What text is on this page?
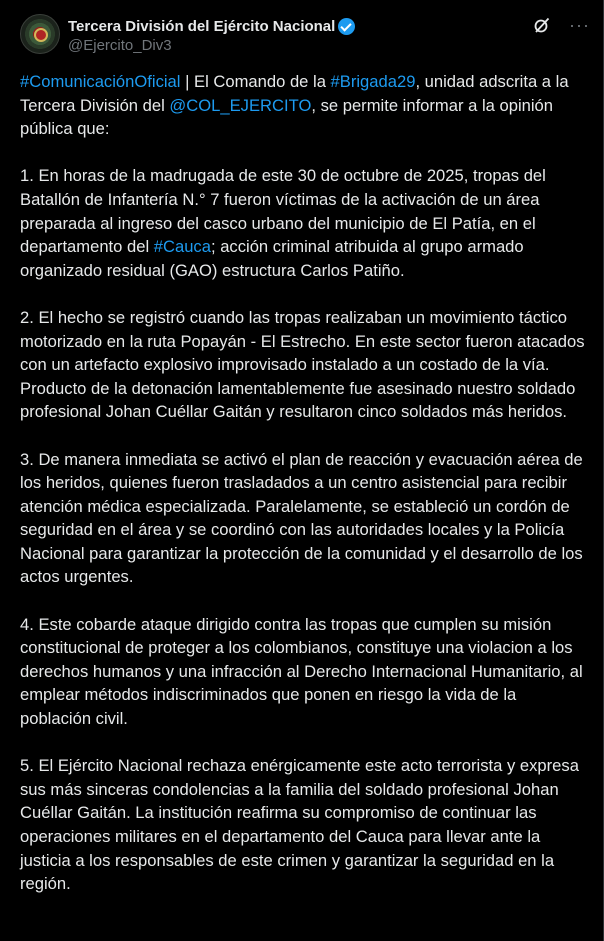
Tercera División del Ejército Nacional
@Ejercito_Div3
···

#ComunicaciónOficial | El Comando de la #Brigada29, unidad adscrita a la Tercera División del @COL_EJERCITO, se permite informar a la opinión pública que:

1. En horas de la madrugada de este 30 de octubre de 2025, tropas del Batallón de Infantería N.° 7 fueron víctimas de la activación de un área preparada al ingreso del casco urbano del municipio de El Patía, en el departamento del #Cauca; acción criminal atribuida al grupo armado organizado residual (GAO) estructura Carlos Patiño.

2. El hecho se registró cuando las tropas realizaban un movimiento táctico motorizado en la ruta Popayán - El Estrecho. En este sector fueron atacados con un artefacto explosivo improvisado instalado a un costado de la vía. Producto de la detonación lamentablemente fue asesinado nuestro soldado profesional Johan Cuéllar Gaitán y resultaron cinco soldados más heridos.

3. De manera inmediata se activó el plan de reacción y evacuación aérea de los heridos, quienes fueron trasladados a un centro asistencial para recibir atención médica especializada. Paralelamente, se estableció un cordón de seguridad en el área y se coordinó con las autoridades locales y la Policía Nacional para garantizar la protección de la comunidad y el desarrollo de los actos urgentes.

4. Este cobarde ataque dirigido contra las tropas que cumplen su misión constitucional de proteger a los colombianos, constituye una violacion a los derechos humanos y una infracción al Derecho Internacional Humanitario, al emplear métodos indiscriminados que ponen en riesgo la vida de la población civil.

5. El Ejército Nacional rechaza enérgicamente este acto terrorista y expresa sus más sinceras condolencias a la familia del soldado profesional Johan Cuéllar Gaitán. La institución reafirma su compromiso de continuar las operaciones militares en el departamento del Cauca para llevar ante la justicia a los responsables de este crimen y garantizar la seguridad en la región.
